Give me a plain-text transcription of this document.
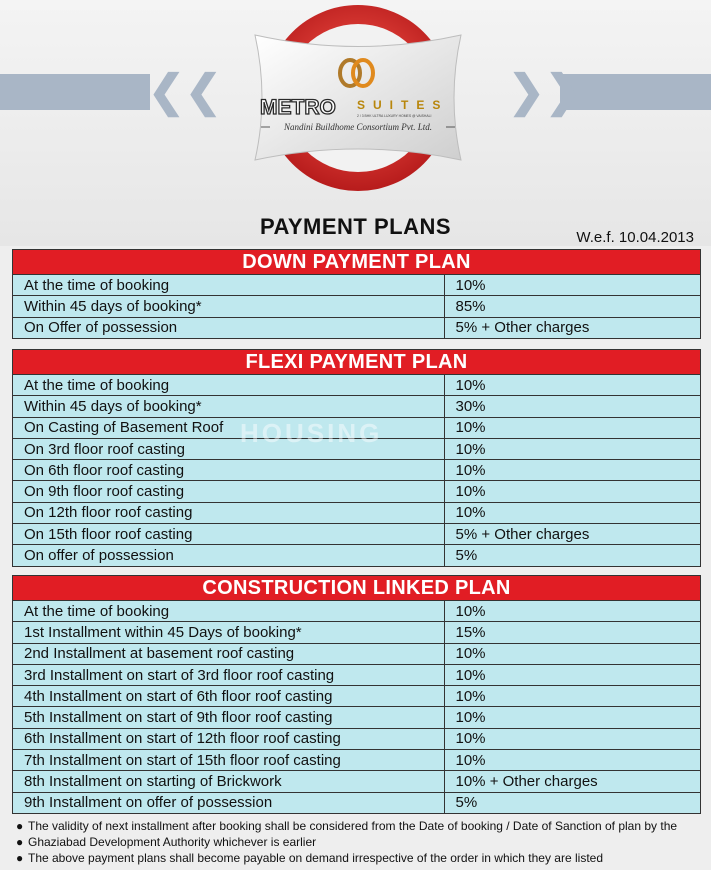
❮❮	❯❯
METRO SUITES
2 / 3 BHK ULTRA LUXURY HOMES @ VAISHALI
Nandini Buildhome Consortium Pvt. Ltd.
PAYMENT PLANS	W.e.f. 10.04.2013
DOWN PAYMENT PLAN
At the time of booking	10%
Within 45 days of booking*	85%
On Offer of possession	5% + Other charges
FLEXI PAYMENT PLAN
At the time of booking	10%
Within 45 days of booking*	30%
On Casting of Basement Roof	10%
On 3rd floor roof casting	10%
On 6th floor roof casting	10%
On 9th floor roof casting	10%
On 12th floor roof casting	10%
On 15th floor roof casting	5% + Other charges
On offer of possession	5%
HOUSING
CONSTRUCTION LINKED PLAN
At the time of booking	10%
1st Installment within 45 Days of booking*	15%
2nd Installment at basement roof casting	10%
3rd Installment on start of 3rd floor roof casting	10%
4th Installment on start of 6th floor roof casting	10%
5th Installment on start of 9th floor roof casting	10%
6th Installment on start of 12th floor roof casting	10%
7th Installment on start of 15th floor roof casting	10%
8th Installment on starting of Brickwork	10% + Other charges
9th Installment on offer of possession	5%
● The validity of next installment after booking shall be considered from the Date of booking / Date of Sanction of plan by the
● Ghaziabad Development Authority whichever is earlier
● The above payment plans shall become payable on demand irrespective of the order in which they are listed
